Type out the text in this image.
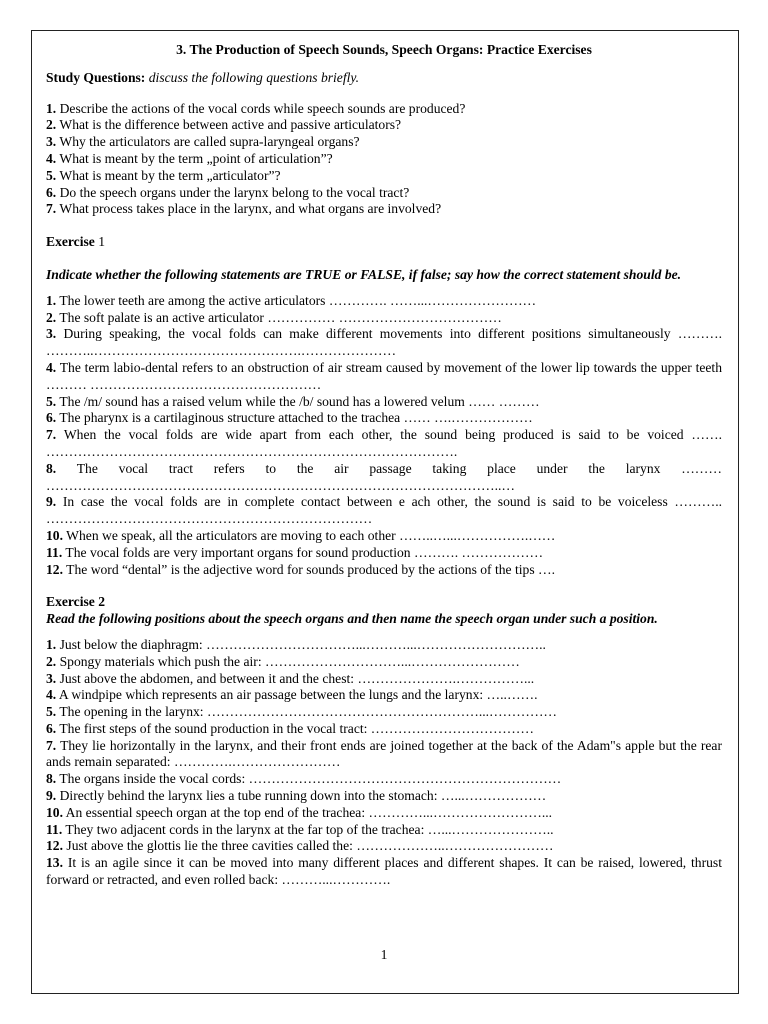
3. The Production of Speech Sounds, Speech Organs: Practice Exercises

Study Questions: discuss the following questions briefly.

1. Describe the actions of the vocal cords while speech sounds are produced?

2. What is the difference between active and passive articulators?

3. Why the articulators are called supra-laryngeal organs?

4. What is meant by the term „point of articulation”?

5. What is meant by the term „articulator”?

6. Do the speech organs under the larynx belong to the vocal tract?

7. What process takes place in the larynx, and what organs are involved?

Exercise 1

Indicate whether the following statements are TRUE or FALSE, if false; say how the correct statement should be.

1. The lower teeth are among the active articulators …………. ……...……………………

2. The soft palate is an active articulator …………… ………………………………

3. During speaking, the vocal folds can make different movements into different positions simultaneously ………. ………..……………………………………….…………………

4. The term labio-dental refers to an obstruction of air stream caused by movement of the lower lip towards the upper teeth ……… ……………………………………………

5. The /m/ sound has a raised velum while the /b/ sound has a lowered velum …… ………

6. The pharynx is a cartilaginous structure attached to the trachea …… ….………………

7. When the vocal folds are wide apart from each other, the sound being produced is said to be voiced ……. ……………………………………………………………………………….

8. The vocal tract refers to the air passage taking place under the larynx ……… ………………………………………………………………………………………..…

9. In case the vocal folds are in complete contact between e ach other, the sound is said to be voiceless ……….. ………………………………………………………………

10. When we speak, all the articulators are moving to each other ……..…...…………….……

11. The vocal folds are very important organs for sound production ………. ………………

12. The word “dental” is the adjective word for sounds produced by the actions of the tips ….

Exercise 2

Read the following positions about the speech organs and then name the speech organ under such a position.

1. Just below the diaphragm: ……………………………...………...………………………..

2. Spongy materials which push the air: …………………………...……………………

3. Just above the abdomen, and between it and the chest: ………………….……………...

4. A windpipe which represents an air passage between the lungs and the larynx: …..…….

5. The opening in the larynx: ……………………………………………………...……………

6. The first steps of the sound production in the vocal tract: ………………………………

7. They lie horizontally in the larynx, and their front ends are joined together at the back of the Adam"s apple but the rear ands remain separated: ………….……………………

8. The organs inside the vocal cords: ……………………………………………………………

9. Directly behind the larynx lies a tube running down into the stomach: …...………………

10. An essential speech organ at the top end of the trachea: …………...……………………...

11. They two adjacent cords in the larynx at the far top of the trachea: …...…………………..

12. Just above the glottis lie the three cavities called the: ………………..……………………

13. It is an agile since it can be moved into many different places and different shapes. It can be raised, lowered, thrust forward or retracted, and even rolled back: ………...………….

1
